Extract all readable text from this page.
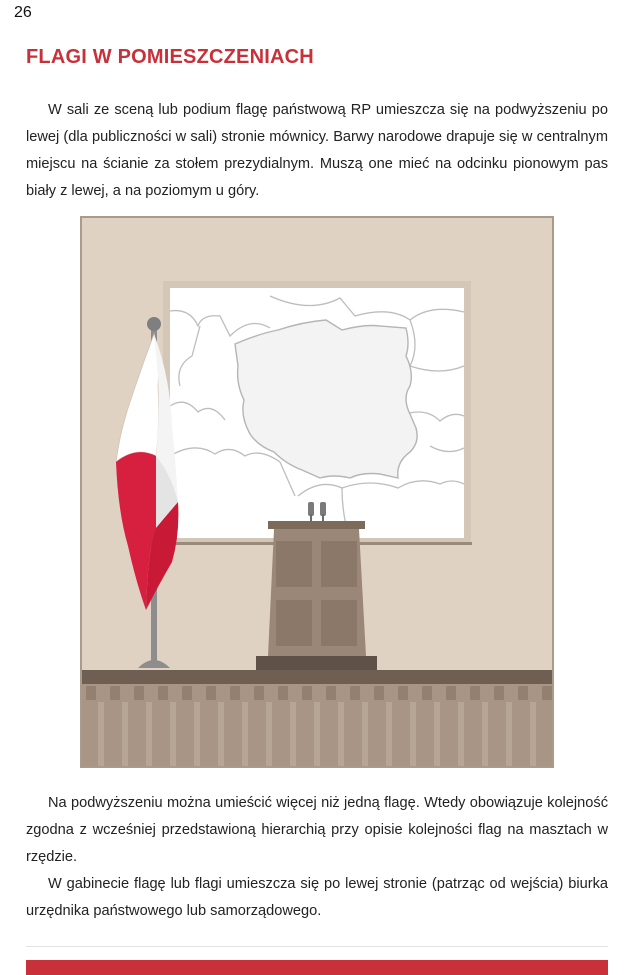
26
FLAGI W POMIESZCZENIACH

W sali ze sceną lub podium flagę państwową RP umieszcza się na podwyższeniu po lewej (dla publiczności w sali) stronie mównicy. Barwy narodowe drapuje się w centralnym miejscu na ścianie za stołem prezydialnym. Muszą one mieć na odcinku pionowym pas biały z lewej, a na poziomym u góry.

Na podwyższeniu można umieścić więcej niż jedną flagę. Wtedy obowiązuje kolejność zgodna z wcześniej przedstawioną hierarchią przy opisie kolejności flag na masztach w rzędzie.

W gabinecie flagę lub flagi umieszcza się po lewej stronie (patrząc od wejścia) biurka urzędnika państwowego lub samorządowego.
